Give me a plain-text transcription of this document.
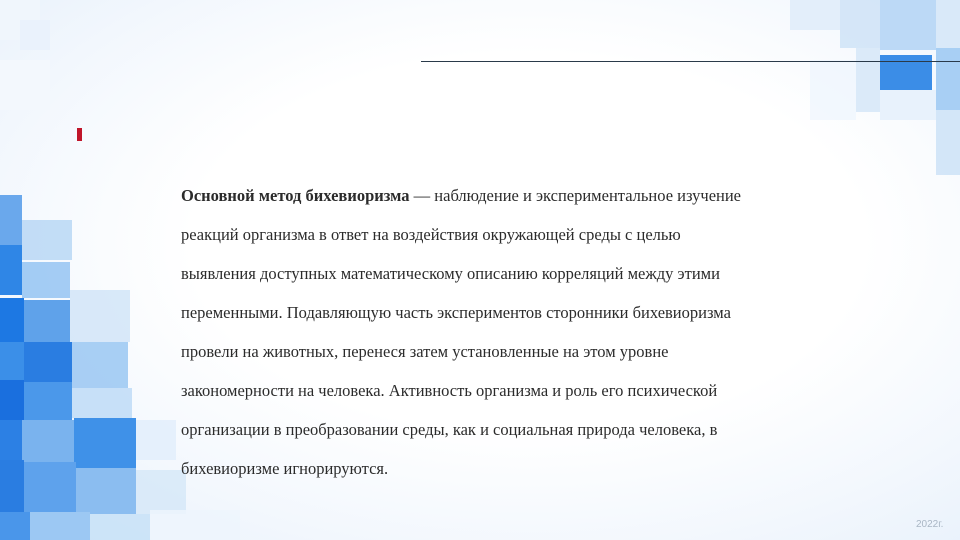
Основной метод бихевиоризма — наблюдение и экспериментальное изучение
реакций организма в ответ на воздействия окружающей среды с целью
выявления доступных математическому описанию корреляций между этими
переменными. Подавляющую часть экспериментов сторонники бихевиоризма
провели на животных, перенеся затем установленные на этом уровне
закономерности на человека. Активность организма и роль его психической
организации в преобразовании среды, как и социальная природа человека, в
бихевиоризме игнорируются.

2022г.
